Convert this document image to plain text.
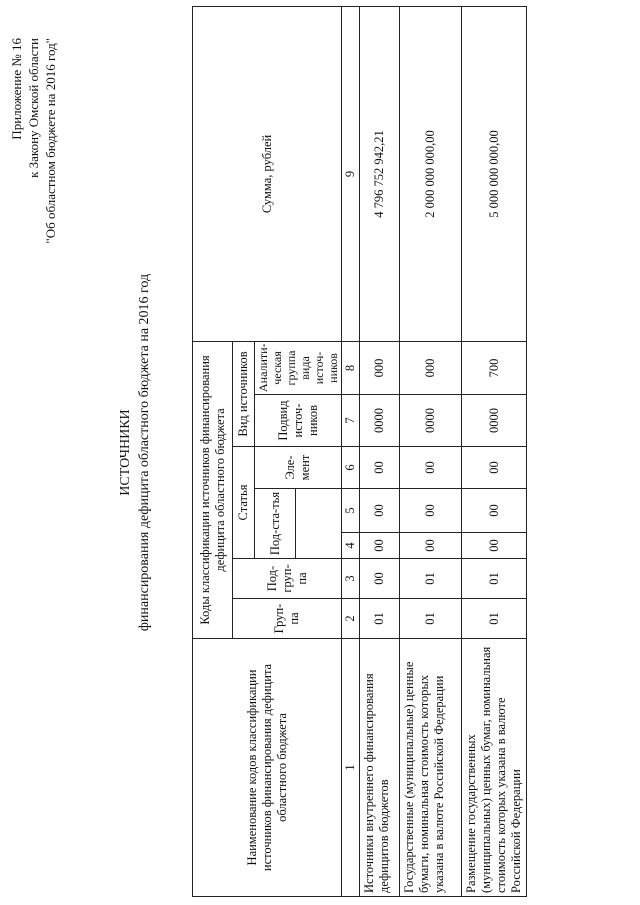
Приложение № 16 к Закону Омской области "Об областном бюджете на 2016 год"
ИСТОЧНИКИ финансирования дефицита областного бюджета на 2016 год
Наименование кодов классификации источников финансирования дефицита областного бюджета	Коды классификации источников финансирования дефицита областного бюджета							Сумма, рублей
	Груп-па	Под-груп-па	Статья			Вид источников		
			Под-ста-тья		Эле-мент	Подвид источ-ников	Аналити-ческая группа вида источ-ников	

1	2	3	4	5	6	7	8	9
Источники внутреннего финансирования дефицитов бюджетов	01	00	00	00	00	0000	000	4 796 752 942,21
Государственные (муниципальные) ценные бумаги, номинальная стоимость которых указана в валюте Российской Федерации	01	01	00	00	00	0000	000	2 000 000 000,00
Размещение государственных (муниципальных) ценных бумаг, номинальная стоимость которых указана в валюте Российской Федерации	01	01	00	00	00	0000	700	5 000 000 000,00
